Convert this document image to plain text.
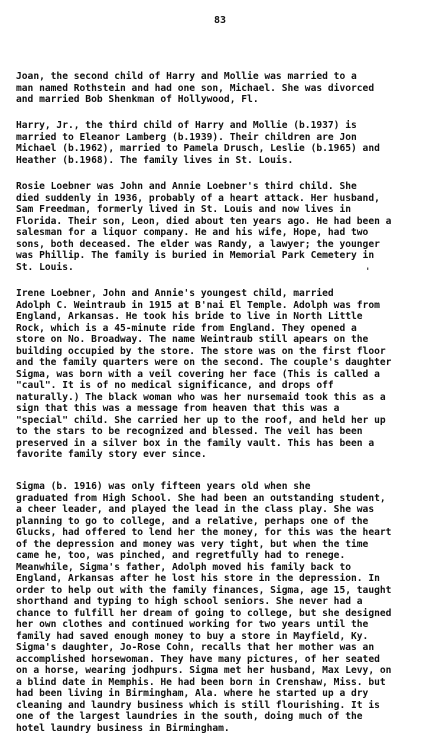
83
Joan, the second child of Harry and Mollie was married to a
man named Rothstein and had one son, Michael. She was divorced
and married Bob Shenkman of Hollywood, Fl.
Harry, Jr., the third child of Harry and Mollie (b.1937) is
married to Eleanor Lamberg (b.1939). Their children are Jon
Michael (b.1962), married to Pamela Drusch, Leslie (b.1965) and
Heather (b.1968). The family lives in St. Louis.
Rosie Loebner was John and Annie Loebner's third child. She
died suddenly in 1936, probably of a heart attack. Her husband,
Sam Freedman, formerly lived in St. Louis and now lives in
Florida. Their son, Leon, died about ten years ago. He had been a
salesman for a liquor company. He and his wife, Hope, had two
sons, both deceased. The elder was Randy, a lawyer; the younger
was Phillip. The family is buried in Memorial Park Cemetery in
St. Louis.	'
Irene Loebner, John and Annie's youngest child, married
Adolph C. Weintraub in 1915 at B'nai El Temple. Adolph was from
England, Arkansas. He took his bride to live in North Little
Rock, which is a 45-minute ride from England. They opened a
store on No. Broadway. The name Weintraub still apears on the
building occupied by the store. The store was on the first floor
and the family quarters were on the second. The couple's daughter
Sigma, was born with a veil covering her face (This is called a
"caul". It is of no medical significance, and drops off
naturally.) The black woman who was her nursemaid took this as a
sign that this was a message from heaven that this was a
"special" child. She carried her up to the roof, and held her up
to the stars to be recognized and blessed. The veil has been
preserved in a silver box in the family vault. This has been a
favorite family story ever since.
Sigma (b. 1916) was only fifteen years old when she
graduated from High School. She had been an outstanding student,
a cheer leader, and played the lead in the class play. She was
planning to go to college, and a relative, perhaps one of the
Glucks, had offered to lend her the money, for this was the heart
of the depression and money was very tight, but when the time
came he, too, was pinched, and regretfully had to renege.
Meanwhile, Sigma's father, Adolph moved his family back to
England, Arkansas after he lost his store in the depression. In
order to help out with the family finances, Sigma, age 15, taught
shorthand and typing to high school seniors. She never had a
chance to fulfill her dream of going to college, but she designed
her own clothes and continued working for two years until the
family had saved enough money to buy a store in Mayfield, Ky.
Sigma's daughter, Jo-Rose Cohn, recalls that her mother was an
accomplished horsewoman. They have many pictures, of her seated
on a horse, wearing jodhpurs. Sigma met her husband, Max Levy, on
a blind date in Memphis. He had been born in Crenshaw, Miss. but
had been living in Birmingham, Ala. where he started up a dry
cleaning and laundry business which is still flourishing. It is
one of the largest laundries in the south, doing much of the
hotel laundry business in Birmingham.
